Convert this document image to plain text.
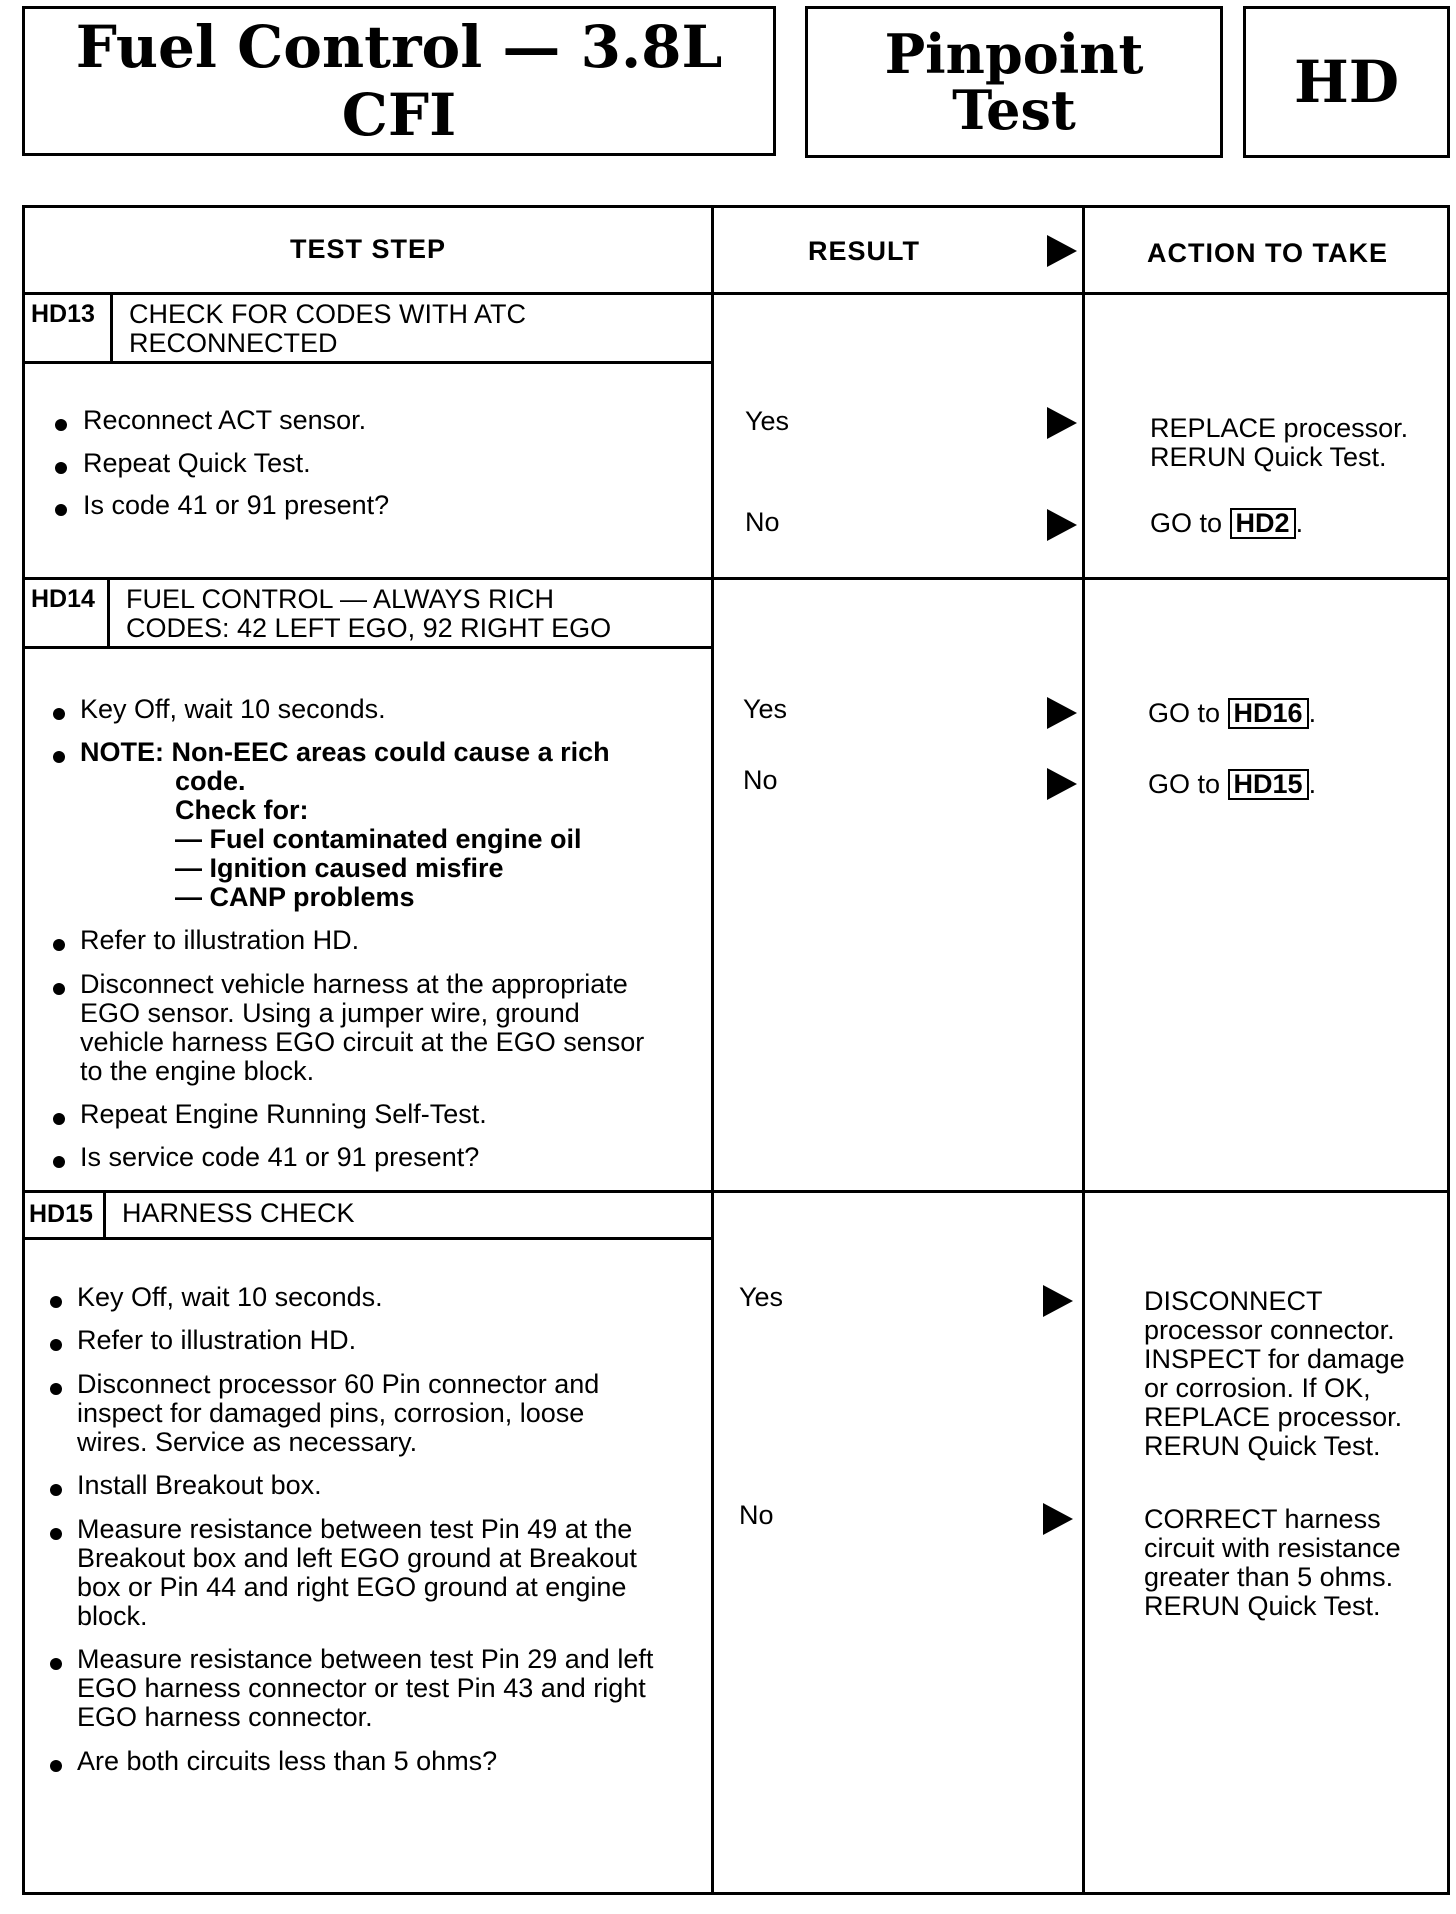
Fuel Control — 3.8L CFI
Pinpoint
Test	HD
TEST STEP	RESULT	ACTION TO TAKE
HD13 CHECK FOR CODES WITH ATC
RECONNECTED
Reconnect ACT sensor.
Repeat Quick Test.
Is code 41 or 91 present?
Yes	REPLACE processor.
RERUN Quick Test.
No	GO to HD2 .
HD14 FUEL CONTROL — ALWAYS RICH
CODES: 42 LEFT EGO, 92 RIGHT EGO
Key Off, wait 10 seconds.
NOTE: Non-EEC areas could cause a rich
code.
Check for:
— Fuel contaminated engine oil
— Ignition caused misfire
— CANP problems
Refer to illustration HD.
Disconnect vehicle harness at the appropriate
EGO sensor. Using a jumper wire, ground
vehicle harness EGO circuit at the EGO sensor
to the engine block.
Repeat Engine Running Self-Test.
Is service code 41 or 91 present?
Yes	GO to HD16 .
No	GO to HD15 .
HD15 HARNESS CHECK
Key Off, wait 10 seconds.
Refer to illustration HD.
Disconnect processor 60 Pin connector and
inspect for damaged pins, corrosion, loose
wires. Service as necessary.
Install Breakout box.
Measure resistance between test Pin 49 at the
Breakout box and left EGO ground at Breakout
box or Pin 44 and right EGO ground at engine
block.
Measure resistance between test Pin 29 and left
EGO harness connector or test Pin 43 and right
EGO harness connector.
Are both circuits less than 5 ohms?
Yes	DISCONNECT
processor connector.
INSPECT for damage
or corrosion. If OK,
REPLACE processor.
RERUN Quick Test.
No	CORRECT harness
circuit with resistance
greater than 5 ohms.
RERUN Quick Test.
